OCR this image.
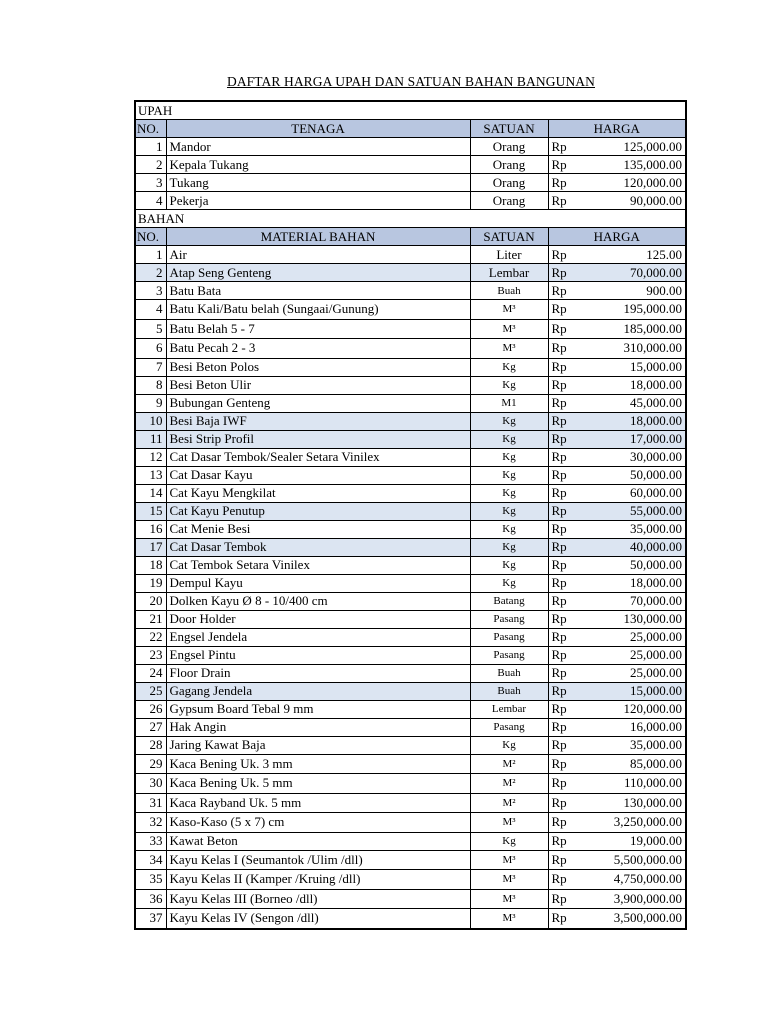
DAFTAR HARGA UPAH DAN SATUAN BAHAN BANGUNAN
UPAH				
NO.	TENAGA	SATUAN	HARGA	
1	Mandor	Orang	Rp	125,000.00
2	Kepala Tukang	Orang	Rp	135,000.00
3	Tukang	Orang	Rp	120,000.00
4	Pekerja	Orang	Rp	90,000.00
BAHAN				
NO.	MATERIAL BAHAN	SATUAN	HARGA	
1	Air	Liter	Rp	125.00
2	Atap Seng Genteng	Lembar	Rp	70,000.00
3	Batu Bata	Buah	Rp	900.00
4	Batu Kali/Batu belah (Sungaai/Gunung)	M³	Rp	195,000.00
5	Batu Belah 5 - 7	M³	Rp	185,000.00
6	Batu Pecah 2 - 3	M³	Rp	310,000.00
7	Besi Beton Polos	Kg	Rp	15,000.00
8	Besi Beton Ulir	Kg	Rp	18,000.00
9	Bubungan Genteng	M1	Rp	45,000.00
10	Besi Baja IWF	Kg	Rp	18,000.00
11	Besi Strip Profil	Kg	Rp	17,000.00
12	Cat Dasar Tembok/Sealer Setara Vinilex	Kg	Rp	30,000.00
13	Cat Dasar Kayu	Kg	Rp	50,000.00
14	Cat Kayu Mengkilat	Kg	Rp	60,000.00
15	Cat Kayu Penutup	Kg	Rp	55,000.00
16	Cat Menie Besi	Kg	Rp	35,000.00
17	Cat Dasar Tembok	Kg	Rp	40,000.00
18	Cat Tembok Setara Vinilex	Kg	Rp	50,000.00
19	Dempul Kayu	Kg	Rp	18,000.00
20	Dolken Kayu Ø 8 - 10/400 cm	Batang	Rp	70,000.00
21	Door Holder	Pasang	Rp	130,000.00
22	Engsel Jendela	Pasang	Rp	25,000.00
23	Engsel Pintu	Pasang	Rp	25,000.00
24	Floor Drain	Buah	Rp	25,000.00
25	Gagang Jendela	Buah	Rp	15,000.00
26	Gypsum Board Tebal 9 mm	Lembar	Rp	120,000.00
27	Hak Angin	Pasang	Rp	16,000.00
28	Jaring Kawat Baja	Kg	Rp	35,000.00
29	Kaca Bening Uk. 3 mm	M²	Rp	85,000.00
30	Kaca Bening Uk. 5 mm	M²	Rp	110,000.00
31	Kaca Rayband Uk. 5 mm	M²	Rp	130,000.00
32	Kaso-Kaso (5 x 7) cm	M³	Rp	3,250,000.00
33	Kawat Beton	Kg	Rp	19,000.00
34	Kayu Kelas I (Seumantok /Ulim /dll)	M³	Rp	5,500,000.00
35	Kayu Kelas II (Kamper /Kruing /dll)	M³	Rp	4,750,000.00
36	Kayu Kelas III (Borneo /dll)	M³	Rp	3,900,000.00
37	Kayu Kelas IV (Sengon /dll)	M³	Rp	3,500,000.00
